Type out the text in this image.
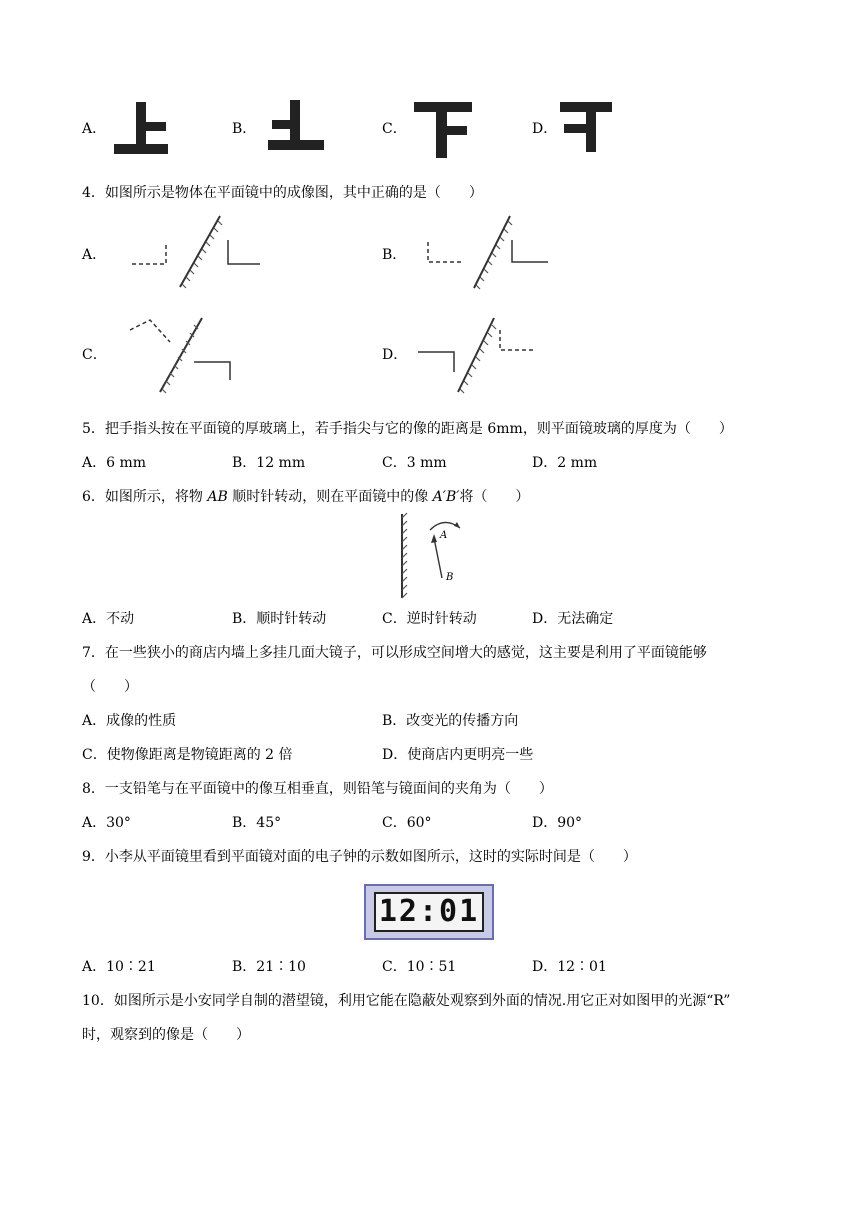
A．	B．	C．	D．
4．如图所示是物体在平面镜中的成像图，其中正确的是（　　）
A．	B．
C．	D．
5．把手指头按在平面镜的厚玻璃上，若手指尖与它的像的距离是 6mm，则平面镜玻璃的厚度为（　　）
A．6 mm	B．12 mm	C．3 mm	D．2 mm
6．如图所示，将物 AB 顺时针转动，则在平面镜中的像 A′B′将（　　）
A
B
A．不动	B．顺时针转动	C．逆时针转动	D．无法确定
7．在一些狭小的商店内墙上多挂几面大镜子，可以形成空间增大的感觉，这主要是利用了平面镜能够
（　　）
A．成像的性质	B．改变光的传播方向
C．使物像距离是物镜距离的 2 倍	D．使商店内更明亮一些
8．一支铅笔与在平面镜中的像互相垂直，则铅笔与镜面间的夹角为（　　）
A．30°	B．45°	C．60°	D．90°
9．小李从平面镜里看到平面镜对面的电子钟的示数如图所示，这时的实际时间是（　　）
12:01
A．10∶21	B．21∶10	C．10∶51	D．12∶01
10．如图所示是小安同学自制的潜望镜，利用它能在隐蔽处观察到外面的情况.用它正对如图甲的光源“R”
时，观察到的像是（　　）
